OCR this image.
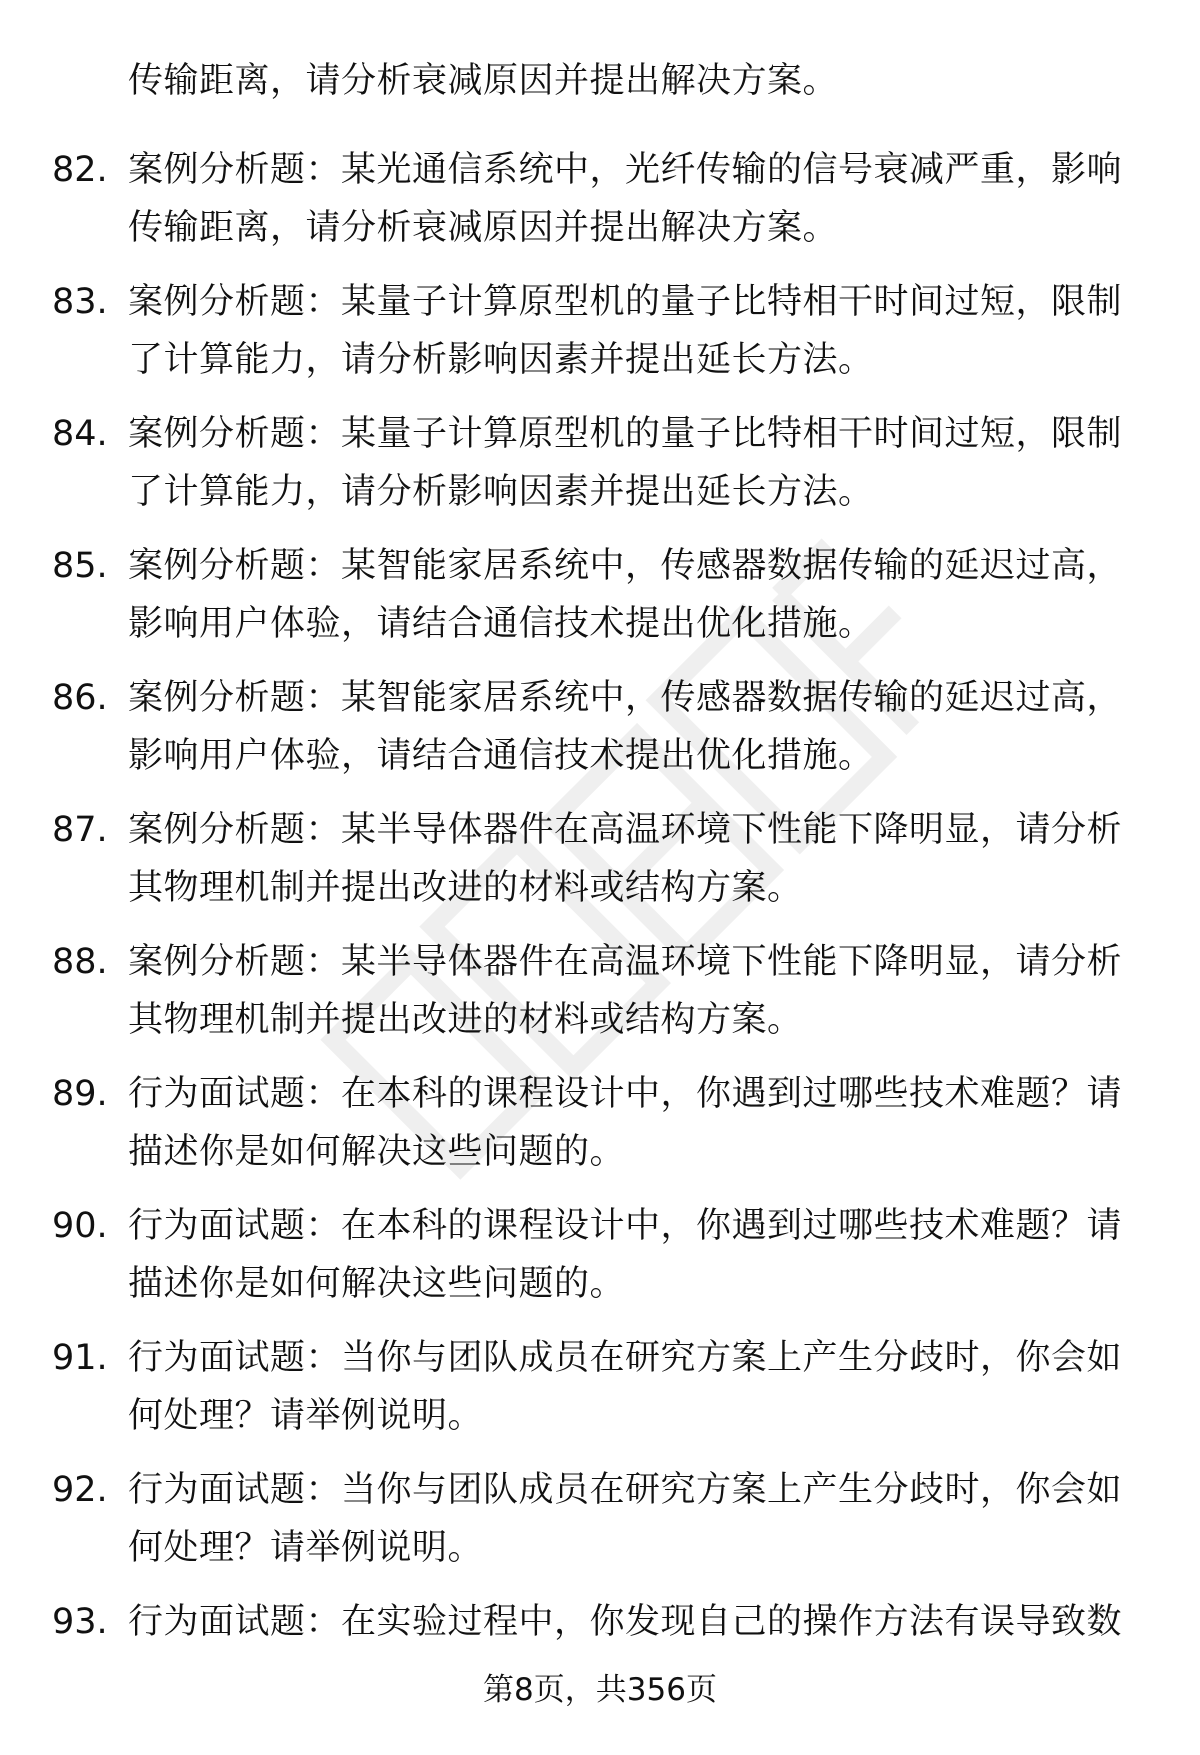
传输距离，请分析衰减原因并提出解决方案。
82. 案例分析题：某光通信系统中，光纤传输的信号衰减严重，影响传输距离，请分析衰减原因并提出解决方案。
83. 案例分析题：某量子计算原型机的量子比特相干时间过短，限制了计算能力，请分析影响因素并提出延长方法。
84. 案例分析题：某量子计算原型机的量子比特相干时间过短，限制了计算能力，请分析影响因素并提出延长方法。
85. 案例分析题：某智能家居系统中，传感器数据传输的延迟过高，影响用户体验，请结合通信技术提出优化措施。
86. 案例分析题：某智能家居系统中，传感器数据传输的延迟过高，影响用户体验，请结合通信技术提出优化措施。
87. 案例分析题：某半导体器件在高温环境下性能下降明显，请分析其物理机制并提出改进的材料或结构方案。
88. 案例分析题：某半导体器件在高温环境下性能下降明显，请分析其物理机制并提出改进的材料或结构方案。
89. 行为面试题：在本科的课程设计中，你遇到过哪些技术难题？请描述你是如何解决这些问题的。
90. 行为面试题：在本科的课程设计中，你遇到过哪些技术难题？请描述你是如何解决这些问题的。
91. 行为面试题：当你与团队成员在研究方案上产生分歧时，你会如何处理？请举例说明。
92. 行为面试题：当你与团队成员在研究方案上产生分歧时，你会如何处理？请举例说明。
93. 行为面试题：在实验过程中，你发现自己的操作方法有误导致数
第8页，共356页
